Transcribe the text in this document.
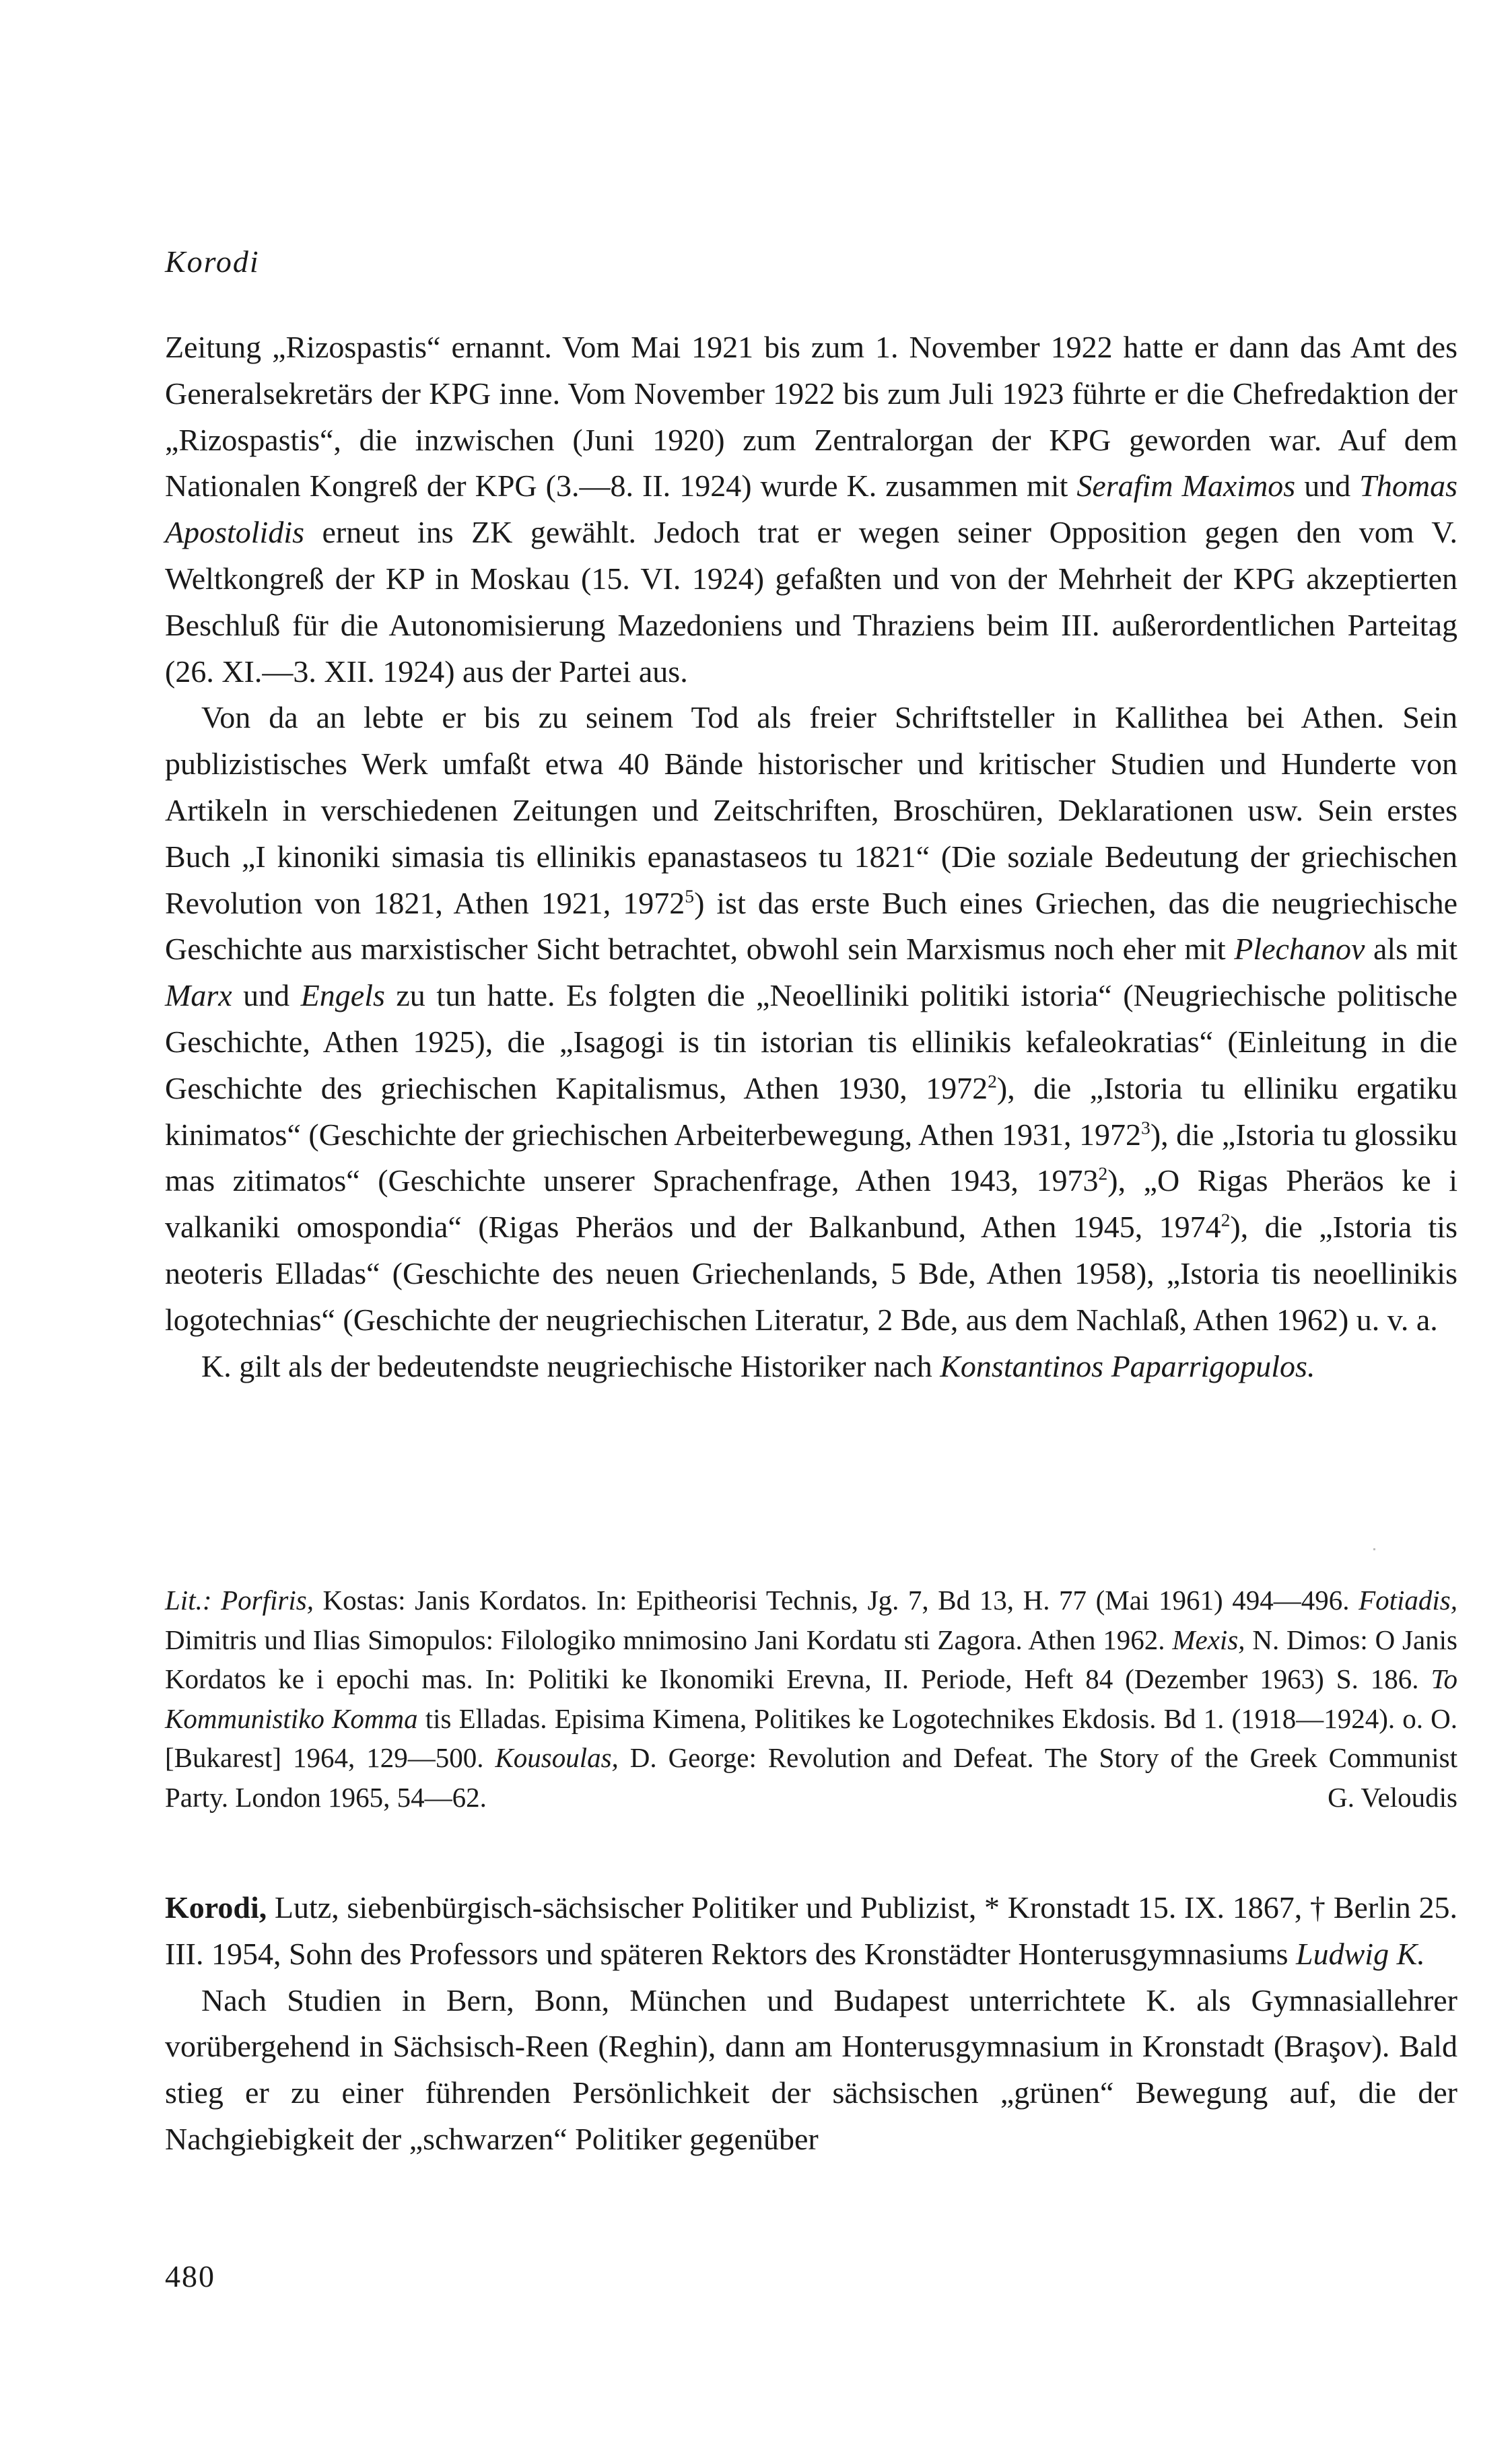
Korodi

Zeitung „Rizospastis“ ernannt. Vom Mai 1921 bis zum 1. November 1922 hatte er dann das Amt des Generalsekretärs der KPG inne. Vom November 1922 bis zum Juli 1923 führte er die Chefredaktion der „Rizospastis“, die inzwischen (Juni 1920) zum Zentralorgan der KPG geworden war. Auf dem Nationalen Kongreß der KPG (3.—8. II. 1924) wurde K. zusammen mit Serafim Maximos und Thomas Apostolidis erneut ins ZK gewählt. Jedoch trat er wegen seiner Opposition gegen den vom V. Weltkongreß der KP in Moskau (15. VI. 1924) gefaßten und von der Mehrheit der KPG akzeptierten Beschluß für die Autonomisierung Mazedoniens und Thraziens beim III. außerordentlichen Parteitag (26. XI.—3. XII. 1924) aus der Partei aus.

Von da an lebte er bis zu seinem Tod als freier Schriftsteller in Kallithea bei Athen. Sein publizistisches Werk umfaßt etwa 40 Bände historischer und kritischer Studien und Hunderte von Artikeln in verschiedenen Zeitungen und Zeitschriften, Broschüren, Deklarationen usw. Sein erstes Buch „I kinoniki simasia tis ellinikis epanastaseos tu 1821“ (Die soziale Bedeutung der griechischen Revolution von 1821, Athen 1921, 1972$^5$) ist das erste Buch eines Griechen, das die neugriechische Geschichte aus marxistischer Sicht betrachtet, obwohl sein Marxismus noch eher mit Plechanov als mit Marx und Engels zu tun hatte. Es folgten die „Neoelliniki politiki istoria“ (Neugriechische politische Geschichte, Athen 1925), die „Isagogi is tin istorian tis ellinikis kefaleokratias“ (Einleitung in die Geschichte des griechischen Kapitalismus, Athen 1930, 1972$^2$), die „Istoria tu elliniku ergatiku kinimatos“ (Geschichte der griechischen Arbeiterbewegung, Athen 1931, 1972$^3$), die „Istoria tu glossiku mas zitimatos“ (Geschichte unserer Sprachenfrage, Athen 1943, 1973$^2$), „O Rigas Pheräos ke i valkaniki omospondia“ (Rigas Pheräos und der Balkanbund, Athen 1945, 1974$^2$), die „Istoria tis neoteris Elladas“ (Geschichte des neuen Griechenlands, 5 Bde, Athen 1958), „Istoria tis neoellinikis logotechnias“ (Geschichte der neugriechischen Literatur, 2 Bde, aus dem Nachlaß, Athen 1962) u. v. a.

K. gilt als der bedeutendste neugriechische Historiker nach Konstantinos Paparrigopulos.

Lit.: Porfiris, Kostas: Janis Kordatos. In: Epitheorisi Technis, Jg. 7, Bd 13, H. 77 (Mai 1961) 494—496. Fotiadis, Dimitris und Ilias Simopulos: Filologiko mnimosino Jani Kordatu sti Zagora. Athen 1962. Mexis, N. Dimos: O Janis Kordatos ke i epochi mas. In: Politiki ke Ikonomiki Erevna, II. Periode, Heft 84 (Dezember 1963) S. 186. To Kommunistiko Komma tis Elladas. Episima Kimena, Politikes ke Logotechnikes Ekdosis. Bd 1. (1918—1924). o. O. [Bukarest] 1964, 129—500. Kousoulas, D. George: Revolution and Defeat. The Story of the Greek Communist Party. London 1965, 54—62.	G. Veloudis

Korodi, Lutz, siebenbürgisch-sächsischer Politiker und Publizist, * Kronstadt 15. IX. 1867, † Berlin 25. III. 1954, Sohn des Professors und späteren Rektors des Kronstädter Honterusgymnasiums Ludwig K.

Nach Studien in Bern, Bonn, München und Budapest unterrichtete K. als Gymnasiallehrer vorübergehend in Sächsisch-Reen (Reghin), dann am Honterusgymnasium in Kronstadt (Braşov). Bald stieg er zu einer führenden Persönlichkeit der sächsischen „grünen“ Bewegung auf, die der Nachgiebigkeit der „schwarzen“ Politiker gegenüber

480
